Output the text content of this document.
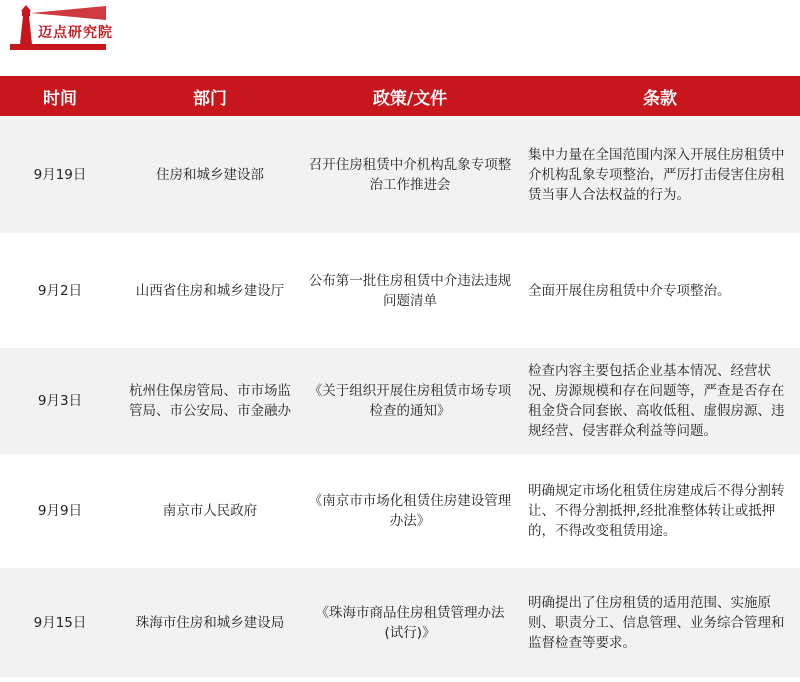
迈点研究院
时间	部门	政策/文件	条款
9月19日	住房和城乡建设部	召开住房租赁中介机构乱象专项整治工作推进会	集中力量在全国范围内深入开展住房租赁中介机构乱象专项整治，严厉打击侵害住房租赁当事人合法权益的行为。
9月2日	山西省住房和城乡建设厅	公布第一批住房租赁中介违法违规问题清单	全面开展住房租赁中介专项整治。
9月3日	杭州住保房管局、市市场监管局、市公安局、市金融办	《关于组织开展住房租赁市场专项检查的通知》	检查内容主要包括企业基本情况、经营状况、房源规模和存在问题等，严查是否存在租金贷合同套嵌、高收低租、虚假房源、违规经营、侵害群众利益等问题。
9月9日	南京市人民政府	《南京市市场化租赁住房建设管理办法》	明确规定市场化租赁住房建成后不得分割转让、不得分割抵押,经批准整体转让或抵押的，不得改变租赁用途。
9月15日	珠海市住房和城乡建设局	《珠海市商品住房租赁管理办法(试行)》	明确提出了住房租赁的适用范围、实施原则、职责分工、信息管理、业务综合管理和监督检查等要求。
